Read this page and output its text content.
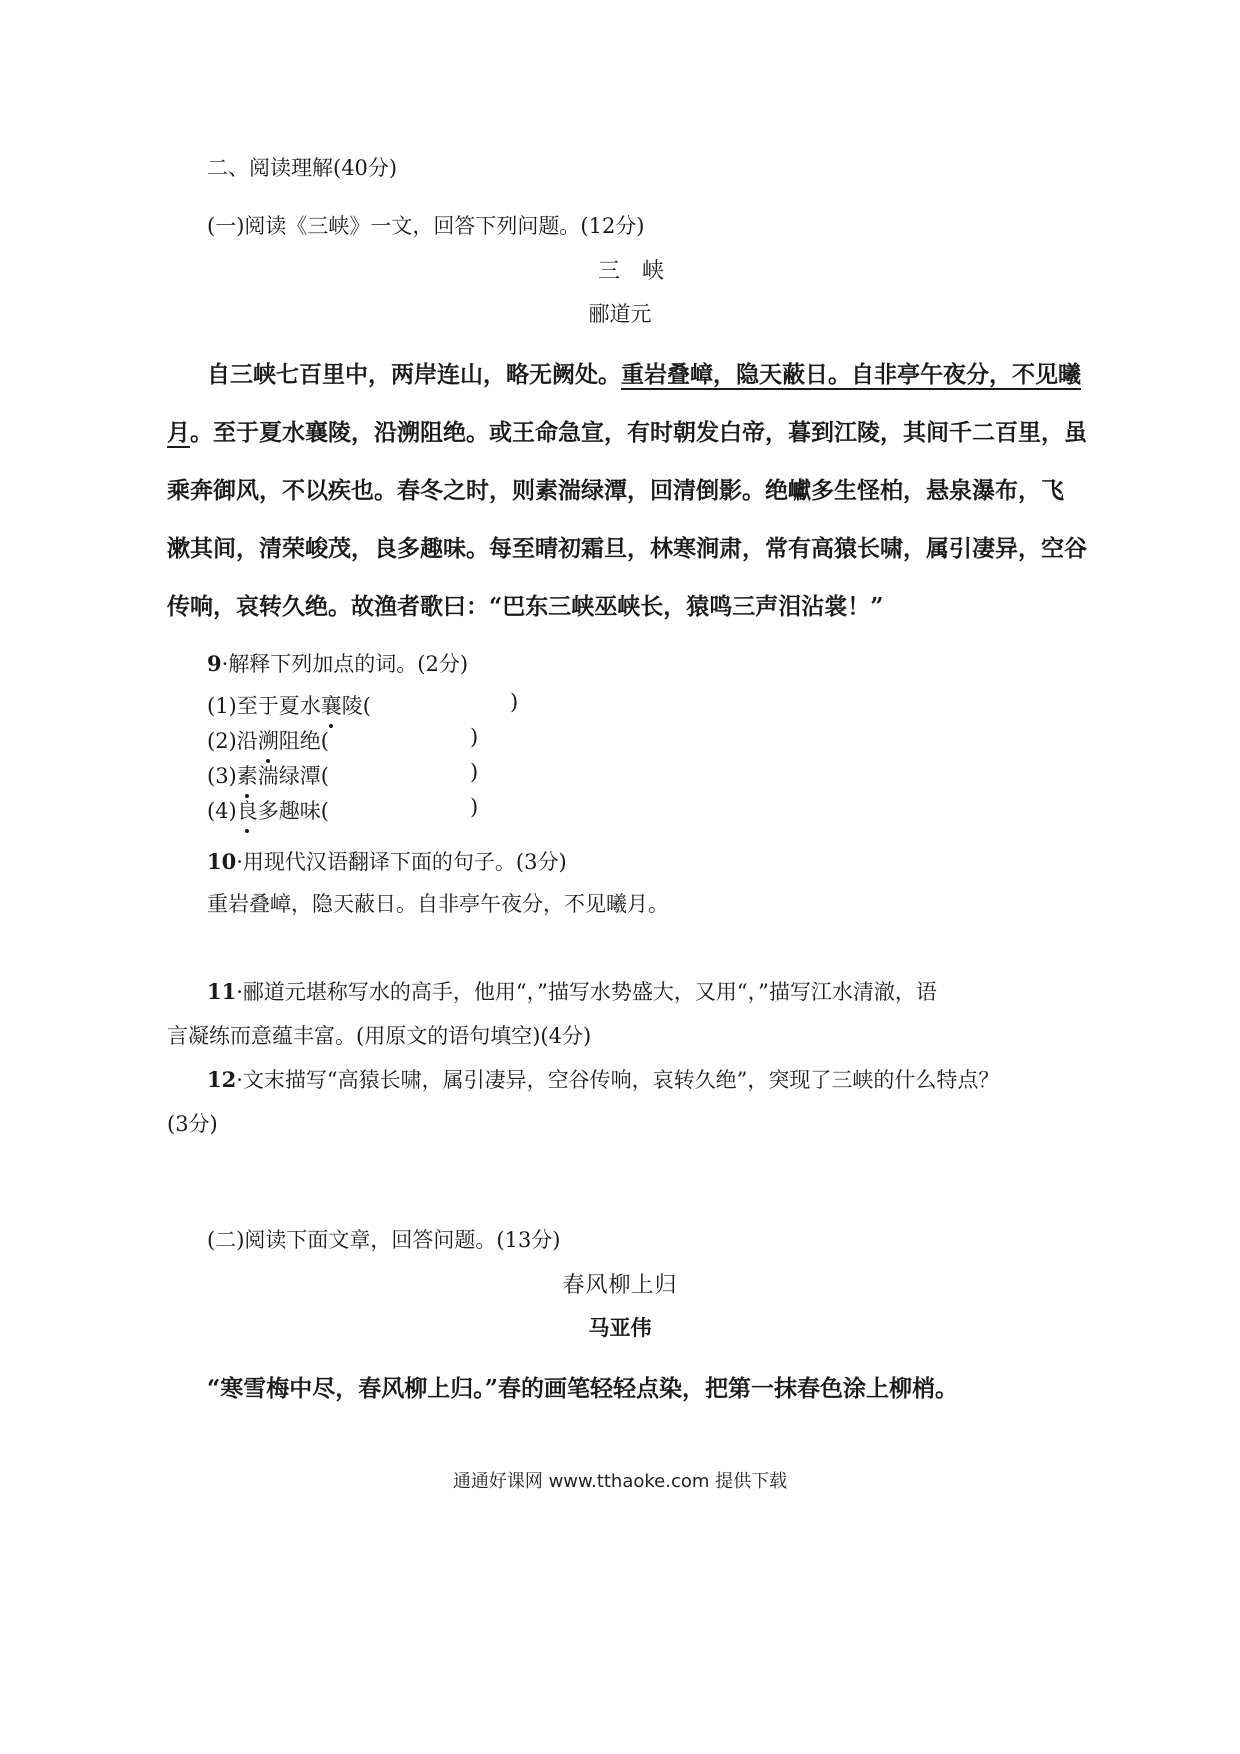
二、阅读理解(40分)
(一)阅读《三峡》一文，回答下列问题。(12分)
三峡
郦道元
自三峡七百里中，两岸连山，略无阙处。重岩叠嶂，隐天蔽日。自非亭午夜分，不见曦
月。至于夏水襄陵，沿溯阻绝。或王命急宣，有时朝发白帝，暮到江陵，其间千二百里，虽
乘奔御风，不以疾也。春冬之时，则素湍绿潭，回清倒影。绝巘多生怪柏，悬泉瀑布，飞
漱其间，清荣峻茂，良多趣味。每至晴初霜旦，林寒涧肃，常有高猿长啸，属引凄异，空谷
传响，哀转久绝。故渔者歌曰：“巴东三峡巫峡长，猿鸣三声泪沾裳！”
9·解释下列加点的词。(2分)
(1)至于夏水襄陵(	)
(2)沿溯阻绝(	)
(3)素湍绿潭(	)
(4)良多趣味(	)
10·用现代汉语翻译下面的句子。(3分)
重岩叠嶂，隐天蔽日。自非亭午夜分，不见曦月。
11·郦道元堪称写水的高手，他用“，”描写水势盛大，又用“，”描写江水清澈，语
言凝练而意蕴丰富。(用原文的语句填空)(4分)
12·文末描写“高猿长啸，属引凄异，空谷传响，哀转久绝”，突现了三峡的什么特点？
(3分)
(二)阅读下面文章，回答问题。(13分)
春风柳上归
马亚伟
“寒雪梅中尽，春风柳上归。”春的画笔轻轻点染，把第一抹春色涂上柳梢。
通通好课网 www.tthaoke.com 提供下载
